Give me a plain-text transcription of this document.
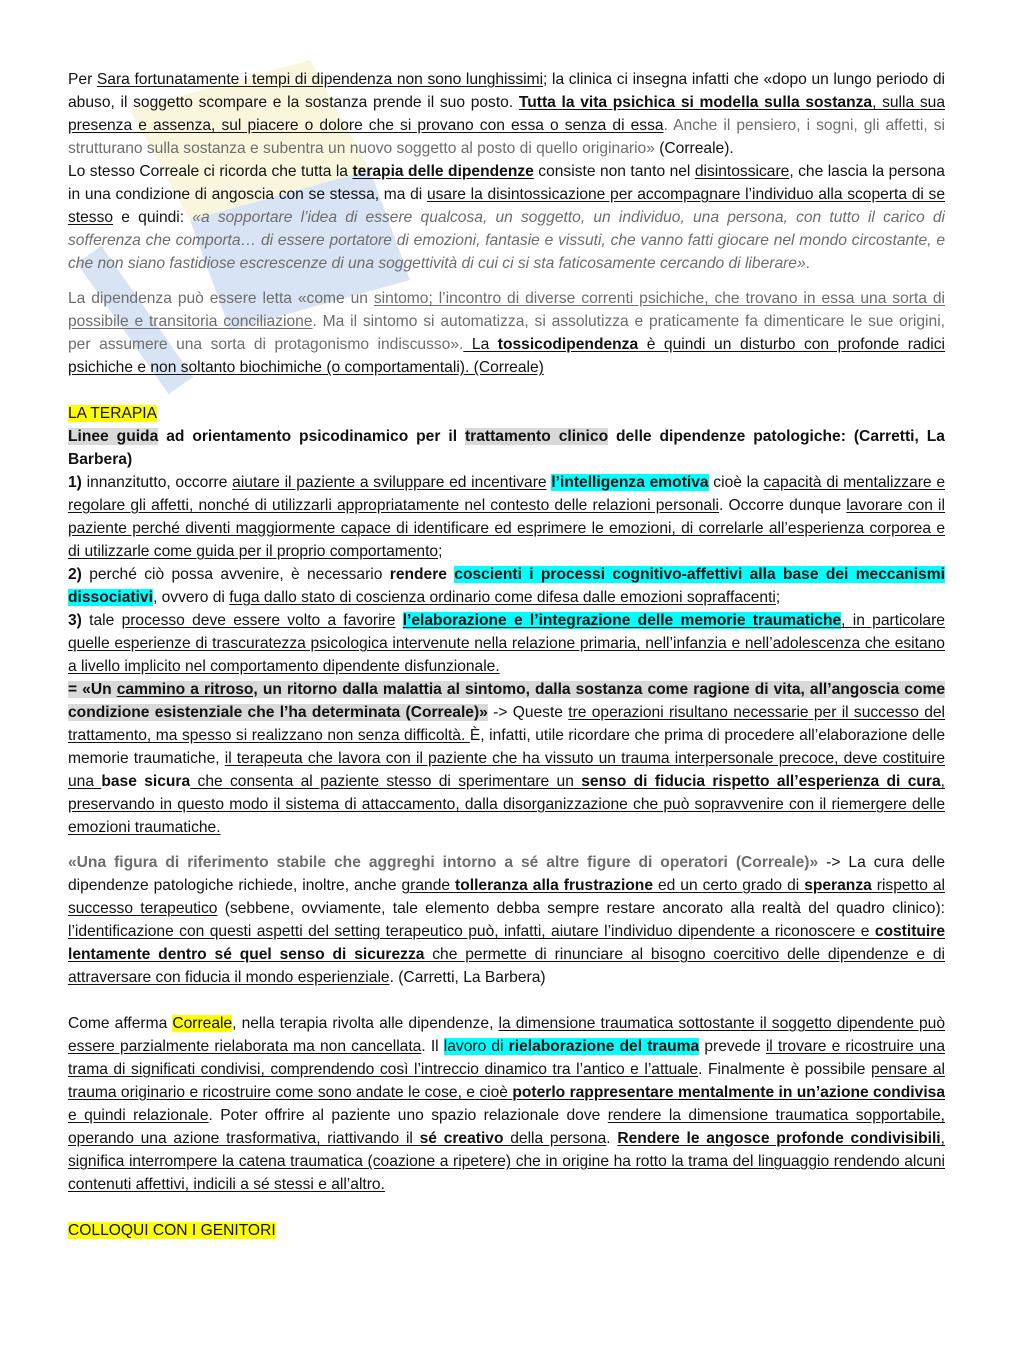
Per Sara fortunatamente i tempi di dipendenza non sono lunghissimi; la clinica ci insegna infatti che «dopo un lungo periodo di abuso, il soggetto scompare e la sostanza prende il suo posto. Tutta la vita psichica si modella sulla sostanza, sulla sua presenza e assenza, sul piacere o dolore che si provano con essa o senza di essa. Anche il pensiero, i sogni, gli affetti, si strutturano sulla sostanza e subentra un nuovo soggetto al posto di quello originario» (Correale).
Lo stesso Correale ci ricorda che tutta la terapia delle dipendenze consiste non tanto nel disintossicare, che lascia la persona in una condizione di angoscia con se stessa, ma di usare la disintossicazione per accompagnare l’individuo alla scoperta di se stesso e quindi: «a sopportare l’idea di essere qualcosa, un soggetto, un individuo, una persona, con tutto il carico di sofferenza che comporta… di essere portatore di emozioni, fantasie e vissuti, che vanno fatti giocare nel mondo circostante, e che non siano fastidiose escrescenze di una soggettività di cui ci si sta faticosamente cercando di liberare».

La dipendenza può essere letta «come un sintomo; l’incontro di diverse correnti psichiche, che trovano in essa una sorta di possibile e transitoria conciliazione. Ma il sintomo si automatizza, si assolutizza e praticamente fa dimenticare le sue origini, per assumere una sorta di protagonismo indiscusso». La tossicodipendenza è quindi un disturbo con profonde radici psichiche e non soltanto biochimiche (o comportamentali). (Correale)

LA TERAPIA

Linee guida ad orientamento psicodinamico per il trattamento clinico delle dipendenze patologiche: (Carretti, La Barbera)

1) innanzitutto, occorre aiutare il paziente a sviluppare ed incentivare l’intelligenza emotiva cioè la capacità di mentalizzare e regolare gli affetti, nonché di utilizzarli appropriatamente nel contesto delle relazioni personali. Occorre dunque lavorare con il paziente perché diventi maggiormente capace di identificare ed esprimere le emozioni, di correlarle all’esperienza corporea e di utilizzarle come guida per il proprio comportamento;

2) perché ciò possa avvenire, è necessario rendere coscienti i processi cognitivo-affettivi alla base dei meccanismi dissociativi, ovvero di fuga dallo stato di coscienza ordinario come difesa dalle emozioni sopraffacenti;

3) tale processo deve essere volto a favorire l’elaborazione e l’integrazione delle memorie traumatiche, in particolare quelle esperienze di trascuratezza psicologica intervenute nella relazione primaria, nell’infanzia e nell’adolescenza che esitano a livello implicito nel comportamento dipendente disfunzionale.

= «Un cammino a ritroso, un ritorno dalla malattia al sintomo, dalla sostanza come ragione di vita, all’angoscia come condizione esistenziale che l’ha determinata (Correale)» -> Queste tre operazioni risultano necessarie per il successo del trattamento, ma spesso si realizzano non senza difficoltà. È, infatti, utile ricordare che prima di procedere all’elaborazione delle memorie traumatiche, il terapeuta che lavora con il paziente che ha vissuto un trauma interpersonale precoce, deve costituire una base sicura che consenta al paziente stesso di sperimentare un senso di fiducia rispetto all’esperienza di cura, preservando in questo modo il sistema di attaccamento, dalla disorganizzazione che può sopravvenire con il riemergere delle emozioni traumatiche.

«Una figura di riferimento stabile che aggreghi intorno a sé altre figure di operatori (Correale)» -> La cura delle dipendenze patologiche richiede, inoltre, anche grande tolleranza alla frustrazione ed un certo grado di speranza rispetto al successo terapeutico (sebbene, ovviamente, tale elemento debba sempre restare ancorato alla realtà del quadro clinico): l’identificazione con questi aspetti del setting terapeutico può, infatti, aiutare l’individuo dipendente a riconoscere e costituire lentamente dentro sé quel senso di sicurezza che permette di rinunciare al bisogno coercitivo delle dipendenze e di attraversare con fiducia il mondo esperienziale. (Carretti, La Barbera)

Come afferma Correale, nella terapia rivolta alle dipendenze, la dimensione traumatica sottostante il soggetto dipendente può essere parzialmente rielaborata ma non cancellata. Il lavoro di rielaborazione del trauma prevede il trovare e ricostruire una trama di significati condivisi, comprendendo così l’intreccio dinamico tra l’antico e l’attuale. Finalmente è possibile pensare al trauma originario e ricostruire come sono andate le cose, e cioè poterlo rappresentare mentalmente in un’azione condivisa e quindi relazionale. Poter offrire al paziente uno spazio relazionale dove rendere la dimensione traumatica sopportabile, operando una azione trasformativa, riattivando il sé creativo della persona. Rendere le angosce profonde condivisibili, significa interrompere la catena traumatica (coazione a ripetere) che in origine ha rotto la trama del linguaggio rendendo alcuni contenuti affettivi, indicili a sé stessi e all’altro.

COLLOQUI CON I GENITORI
